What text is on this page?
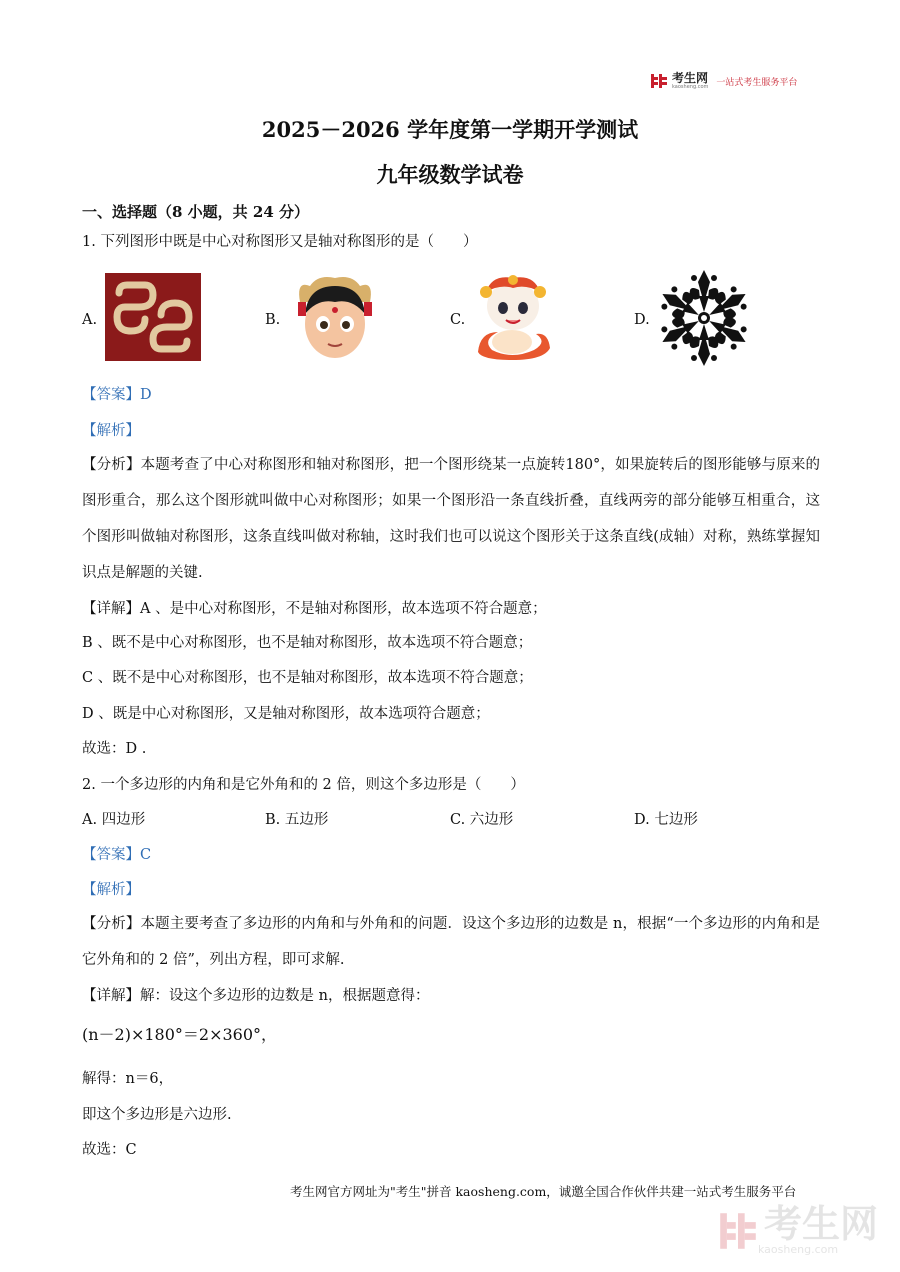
考生网
kaosheng.com 一站式考生服务平台
2025－2026 学年度第一学期开学测试
九年级数学试卷
一、选择题（8 小题，共 24 分）
1. 下列图形中既是中心对称图形又是轴对称图形的是（　　）
A.	B.	C.	D.
【答案】D
【解析】
【分析】本题考查了中心对称图形和轴对称图形，把一个图形绕某一点旋转180°，如果旋转后的图形能够与原来的图形重合，那么这个图形就叫做中心对称图形；如果一个图形沿一条直线折叠，直线两旁的部分能够互相重合，这个图形叫做轴对称图形，这条直线叫做对称轴，这时我们也可以说这个图形关于这条直线(成轴）对称，熟练掌握知识点是解题的关键.
【详解】A 、是中心对称图形，不是轴对称图形，故本选项不符合题意；
B 、既不是中心对称图形，也不是轴对称图形，故本选项不符合题意；
C 、既不是中心对称图形，也不是轴对称图形，故本选项不符合题意；
D 、既是中心对称图形，又是轴对称图形，故本选项符合题意；
故选：D .
2. 一个多边形的内角和是它外角和的 2 倍，则这个多边形是（　　）
A. 四边形	B. 五边形	C. 六边形	D. 七边形
【答案】C
【解析】
【分析】本题主要考查了多边形的内角和与外角和的问题．设这个多边形的边数是 n，根据“一个多边形的内角和是它外角和的 2 倍”，列出方程，即可求解.
【详解】解：设这个多边形的边数是 n，根据题意得：
(n－2)×180°＝2×360°，
解得：n＝6，
即这个多边形是六边形.
故选：C
考生网官方网址为"考生"拼音 kaosheng.com，诚邀全国合作伙伴共建一站式考生服务平台
考生网
kaosheng.com
